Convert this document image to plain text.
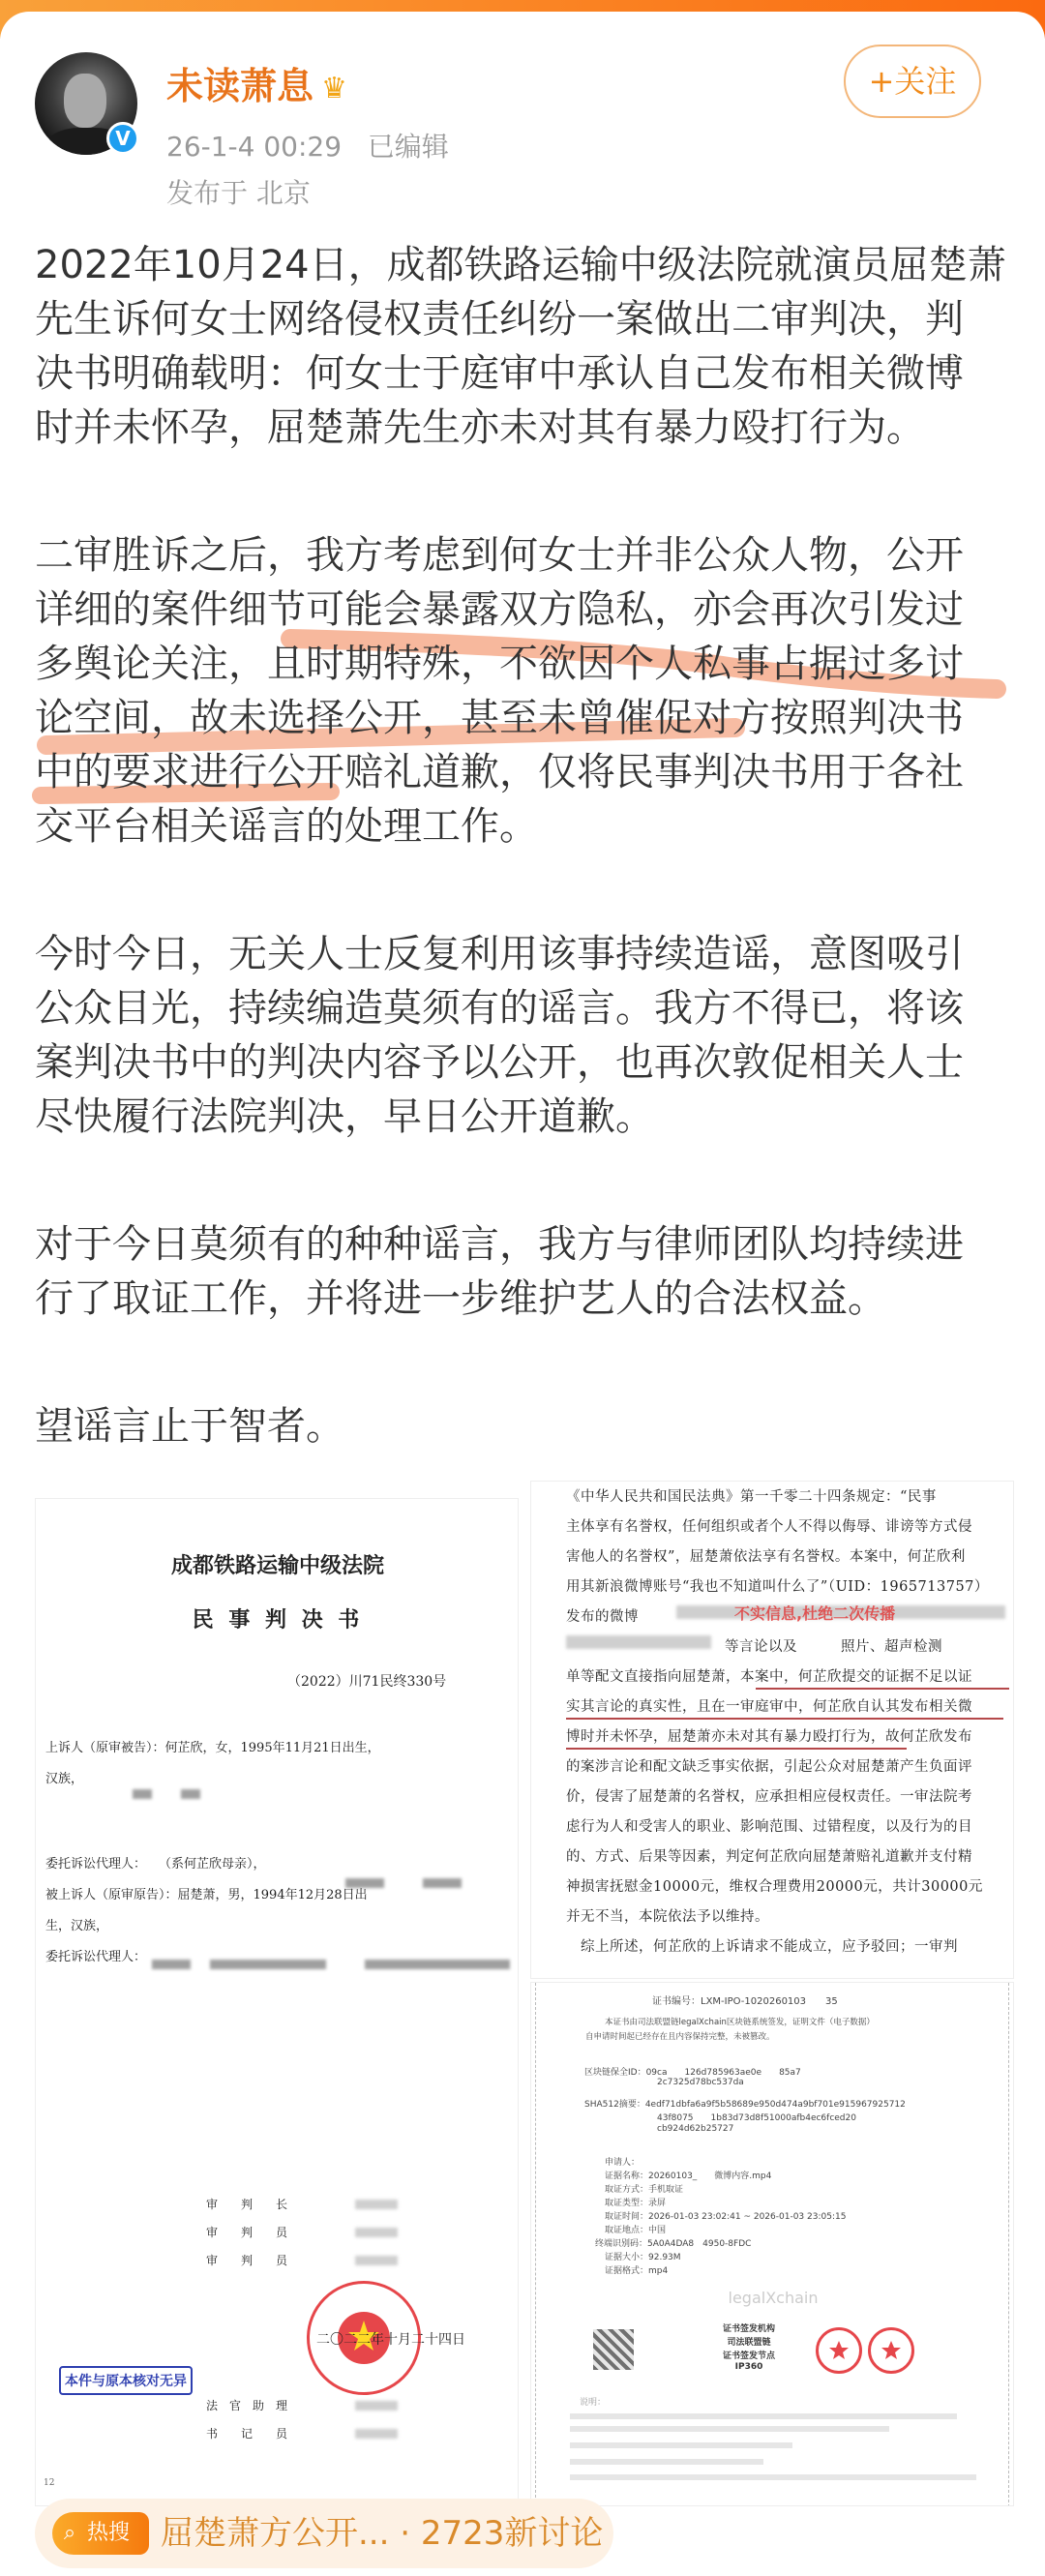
V
未读萧息 ♛	+关注
26-1-4 00:29 已编辑
发布于 北京
2022年10月24日，成都铁路运输中级法院就演员屈楚萧
先生诉何女士网络侵权责任纠纷一案做出二审判决，判
决书明确载明：何女士于庭审中承认自己发布相关微博
时并未怀孕，屈楚萧先生亦未对其有暴力殴打行为。
二审胜诉之后，我方考虑到何女士并非公众人物，公开
详细的案件细节可能会暴露双方隐私，亦会再次引发过
多舆论关注，且时期特殊，不欲因个人私事占据过多讨
论空间，故未选择公开，甚至未曾催促对方按照判决书
中的要求进行公开赔礼道歉，仅将民事判决书用于各社
交平台相关谣言的处理工作。
今时今日，无关人士反复利用该事持续造谣，意图吸引
公众目光，持续编造莫须有的谣言。我方不得已，将该
案判决书中的判决内容予以公开，也再次敦促相关人士
尽快履行法院判决，早日公开道歉。
对于今日莫须有的种种谣言，我方与律师团队均持续进
行了取证工作，并将进一步维护艺人的合法权益。
望谣言止于智者。
成都铁路运输中级法院
民 事 判 决 书
（2022）川71民终330号
上诉人（原审被告）：何芷欣，女，1995年11月21日出生，
汉族，
委托诉讼代理人：　　（系何芷欣母亲），
被上诉人（原审原告）：屈楚萧，男，1994年12月28日出
生，汉族，
委托诉讼代理人：
审　　判　　长
审　　判　　员
审　　判　　员
二〇二二年十月二十四日
本件与原本核对无异
法　官　助　理
书　　记　　员
12
《中华人民共和国民法典》第一千零二十四条规定：“民事
主体享有名誉权，任何组织或者个人不得以侮辱、诽谤等方式侵
害他人的名誉权”，屈楚萧依法享有名誉权。本案中，何芷欣利
用其新浪微博账号“我也不知道叫什么了”（UID：1965713757）
发布的微博
等言论以及　　　照片、超声检测
单等配文直接指向屈楚萧，本案中，何芷欣提交的证据不足以证
实其言论的真实性，且在一审庭审中，何芷欣自认其发布相关微
博时并未怀孕，屈楚萧亦未对其有暴力殴打行为，故何芷欣发布
的案涉言论和配文缺乏事实依据，引起公众对屈楚萧产生负面评
价，侵害了屈楚萧的名誉权，应承担相应侵权责任。一审法院考
虑行为人和受害人的职业、影响范围、过错程度，以及行为的目
的、方式、后果等因素，判定何芷欣向屈楚萧赔礼道歉并支付精
神损害抚慰金10000元，维权合理费用20000元，共计30000元
并无不当，本院依法予以维持。
　综上所述，何芷欣的上诉请求不能成立，应予驳回；一审判
不实信息,杜绝二次传播
证书编号：LXM-IPO-1020260103　　35
本证书由司法联盟链legalXchain区块链系统签发，证明文件（电子数据）
自申请时间起已经存在且内容保持完整，未被篡改。
区块链保全ID：09ca　　126d785963ae0e　　85a7
2c7325d78bc537da
SHA512摘要：4edf71dbfa6a9f5b58689e950d474a9bf701e91596792571​2
43f8075　　1b83d73d8f51000afb4ec6fced20
cb924d62b25727
申请人：
证据名称：20260103_　　微博内容.mp4
取证方式：手机取证
取证类型：录屏
取证时间：2026-01-03 23:02:41 ~ 2026-01-03 23:05:15
取证地点：中国
终端识别码：5A0A4DA8　4950-8FDC
证据大小：92.93M
证据格式：mp4
legalXchain
证书签发机构
司法联盟链
证书签发节点
IP360
说明：
⌕ 热搜 屈楚萧方公开... · 2723新讨论
